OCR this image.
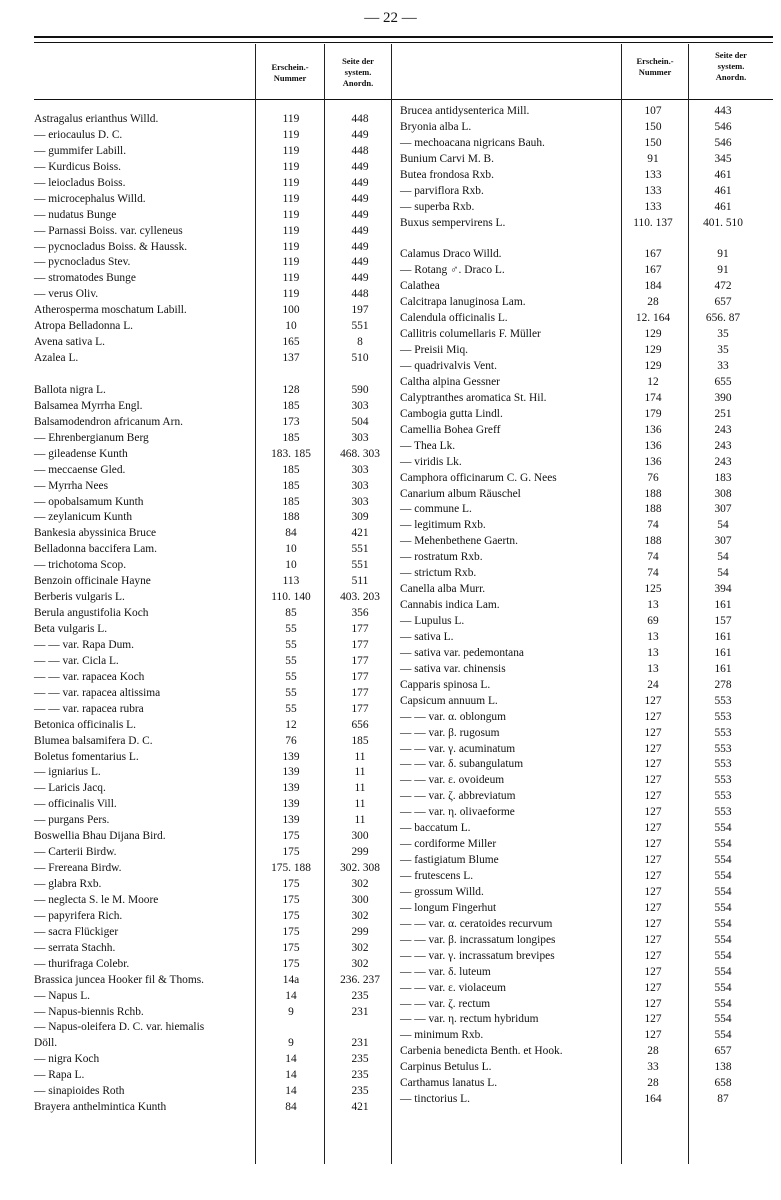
— 22 —
Erschein.-
Nummer
Seite der
system.
Anordn.
Erschein.-
Nummer
Seite der
system.
Anordn.
Astragalus erianthus Willd.	119	448
— eriocaulus D. C.	119	449
— gummifer Labill.	119	448
— Kurdicus Boiss.	119	449
— leiocladus Boiss.	119	449
— microcephalus Willd.	119	449
— nudatus Bunge	119	449
— Parnassi Boiss. var. cylleneus	119	449
— pycnocladus Boiss. & Haussk.	119	449
— pycnocladus Stev.	119	449
— stromatodes Bunge	119	449
— verus Oliv.	119	448
Atherosperma moschatum Labill.	100	197
Atropa Belladonna L.	10	551
Avena sativa L.	165	8
Azalea L.	137	510
Ballota nigra L.	128	590
Balsamea Myrrha Engl.	185	303
Balsamodendron africanum Arn.	173	504
— Ehrenbergianum Berg	185	303
— gileadense Kunth	183. 185	468. 303
— meccaense Gled.	185	303
— Myrrha Nees	185	303
— opobalsamum Kunth	185	303
— zeylanicum Kunth	188	309
Bankesia abyssinica Bruce	84	421
Belladonna baccifera Lam.	10	551
— trichotoma Scop.	10	551
Benzoin officinale Hayne	113	511
Berberis vulgaris L.	110. 140	403. 203
Berula angustifolia Koch	85	356
Beta vulgaris L.	55	177
— — var. Rapa Dum.	55	177
— — var. Cicla L.	55	177
— — var. rapacea Koch	55	177
— — var. rapacea altissima	55	177
— — var. rapacea rubra	55	177
Betonica officinalis L.	12	656
Blumea balsamifera D. C.	76	185
Boletus fomentarius L.	139	11
— igniarius L.	139	11
— Laricis Jacq.	139	11
— officinalis Vill.	139	11
— purgans Pers.	139	11
Boswellia Bhau Dijana Bird.	175	300
— Carterii Birdw.	175	299
— Frereana Birdw.	175. 188	302. 308
— glabra Rxb.	175	302
— neglecta S. le M. Moore	175	300
— papyrifera Rich.	175	302
— sacra Flückiger	175	299
— serrata Stachh.	175	302
— thurifraga Colebr.	175	302
Brassica juncea Hooker fil & Thoms.	14a	236. 237
— Napus L.	14	235
— Napus-biennis Rchb.	9	231
— Napus-oleifera D. C. var. hiemalis
Döll.	9	231
— nigra Koch	14	235
— Rapa L.	14	235
— sinapioides Roth	14	235
Brayera anthelmintica Kunth	84	421
Brucea antidysenterica Mill.	107	443
Bryonia alba L.	150	546
— mechoacana nigricans Bauh.	150	546
Bunium Carvi M. B.	91	345
Butea frondosa Rxb.	133	461
— parviflora Rxb.	133	461
— superba Rxb.	133	461
Buxus sempervirens L.	110. 137	401. 510
Calamus Draco Willd.	167	91
— Rotang ♂. Draco L.	167	91
Calathea	184	472
Calcitrapa lanuginosa Lam.	28	657
Calendula officinalis L.	12. 164	656. 87
Callitris columellaris F. Müller	129	35
— Preisii Miq.	129	35
— quadrivalvis Vent.	129	33
Caltha alpina Gessner	12	655
Calyptranthes aromatica St. Hil.	174	390
Cambogia gutta Lindl.	179	251
Camellia Bohea Greff	136	243
— Thea Lk.	136	243
— viridis Lk.	136	243
Camphora officinarum C. G. Nees	76	183
Canarium album Räuschel	188	308
— commune L.	188	307
— legitimum Rxb.	74	54
— Mehenbethene Gaertn.	188	307
— rostratum Rxb.	74	54
— strictum Rxb.	74	54
Canella alba Murr.	125	394
Cannabis indica Lam.	13	161
— Lupulus L.	69	157
— sativa L.	13	161
— sativa var. pedemontana	13	161
— sativa var. chinensis	13	161
Capparis spinosa L.	24	278
Capsicum annuum L.	127	553
— — var. α. oblongum	127	553
— — var. β. rugosum	127	553
— — var. γ. acuminatum	127	553
— — var. δ. subangulatum	127	553
— — var. ε. ovoideum	127	553
— — var. ζ. abbreviatum	127	553
— — var. η. olivaeforme	127	553
— baccatum L.	127	554
— cordiforme Miller	127	554
— fastigiatum Blume	127	554
— frutescens L.	127	554
— grossum Willd.	127	554
— longum Fingerhut	127	554
— — var. α. ceratoides recurvum	127	554
— — var. β. incrassatum longipes	127	554
— — var. γ. incrassatum brevipes	127	554
— — var. δ. luteum	127	554
— — var. ε. violaceum	127	554
— — var. ζ. rectum	127	554
— — var. η. rectum hybridum	127	554
— minimum Rxb.	127	554
Carbenia benedicta Benth. et Hook.	28	657
Carpinus Betulus L.	33	138
Carthamus lanatus L.	28	658
— tinctorius L.	164	87
